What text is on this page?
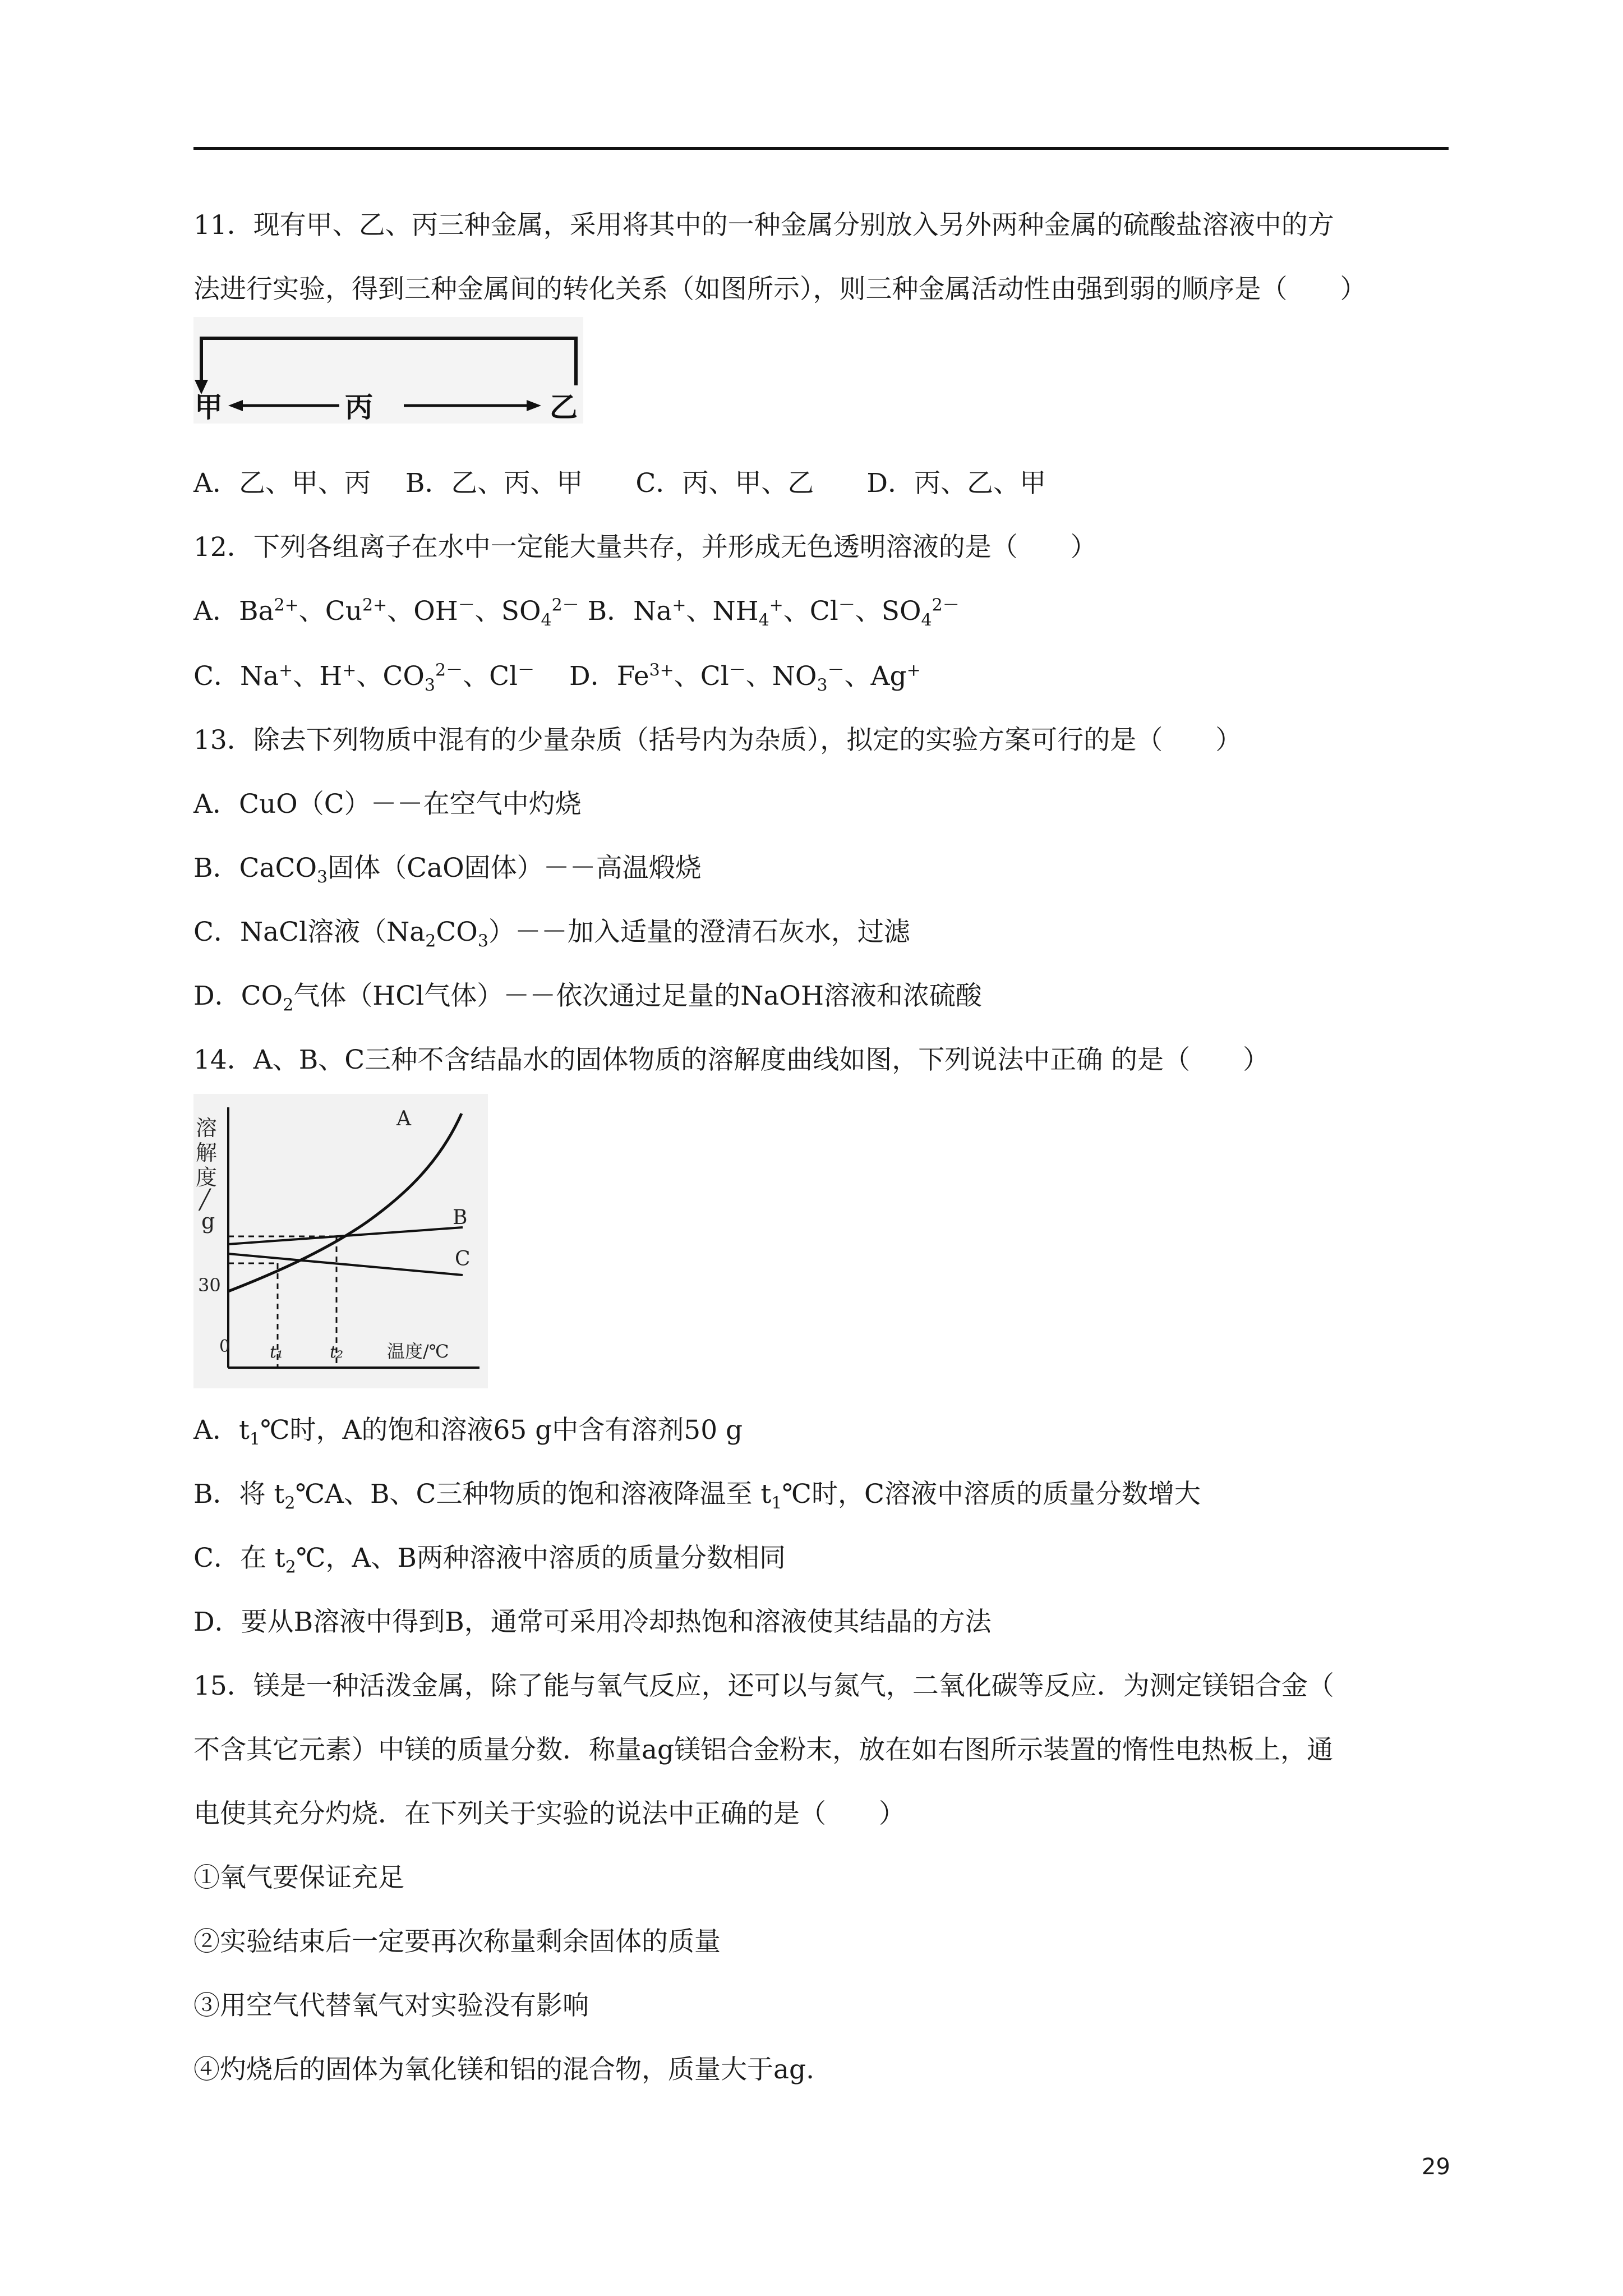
11．现有甲、乙、丙三种金属，采用将其中的一种金属分别放入另外两种金属的硫酸盐溶液中的方
法进行实验，得到三种金属间的转化关系（如图所示），则三种金属活动性由强到弱的顺序是（　　）
甲	丙	乙
A．乙、甲、丙　 B．乙、丙、甲　　C．丙、甲、乙　　D．丙、乙、甲
12．下列各组离子在水中一定能大量共存，并形成无色透明溶液的是（　　）
A．$Ba^{2+}$、$Cu^{2+}$、OH－、$SO_4^{2-}$ B．Na+、$NH_4^+$、Cl－、$SO_4^{2-}$
C．Na+、H+、$CO_3^{2-}$、Cl－　 D．$Fe^{3+}$、Cl－、$NO_3^-$、Ag+
13．除去下列物质中混有的少量杂质（括号内为杂质），拟定的实验方案可行的是（　　）
A．CuO（C）－－在空气中灼烧
B．CaCO$_3$固体（CaO固体）－－高温煅烧
C．NaCl溶液$(Na_2CO_3)--$加入适量的澄清石灰水，过滤
D．$CO_2$气体（HCl气体）－－依次通过足量的NaOH溶液和浓硫酸
14．A、B、C三种不含结晶水的固体物质的溶解度曲线如图，下列说法中正确 的是（　　）
溶
解
度
╱
g
30
0
A
B
C
t₁	t₂ 温度/℃
A．$t_1℃$时，A的饱和溶液65 g中含有溶剂50 g
B．将 $t_2℃A$、B、C三种物质的饱和溶液降温至 $t_1℃$时，C溶液中溶质的质量分数增大
C．在 $t_2℃$，A、B两种溶液中溶质的质量分数相同
D．要从B溶液中得到B，通常可采用冷却热饱和溶液使其结晶的方法
15．镁是一种活泼金属，除了能与氧气反应，还可以与氮气，二氧化碳等反应．为测定镁铝合金（
不含其它元素）中镁的质量分数．称量ag镁铝合金粉末，放在如右图所示装置的惰性电热板上，通
电使其充分灼烧．在下列关于实验的说法中正确的是（　　）
①氧气要保证充足
②实验结束后一定要再次称量剩余固体的质量
③用空气代替氧气对实验没有影响
④灼烧后的固体为氧化镁和铝的混合物，质量大于ag.
29
